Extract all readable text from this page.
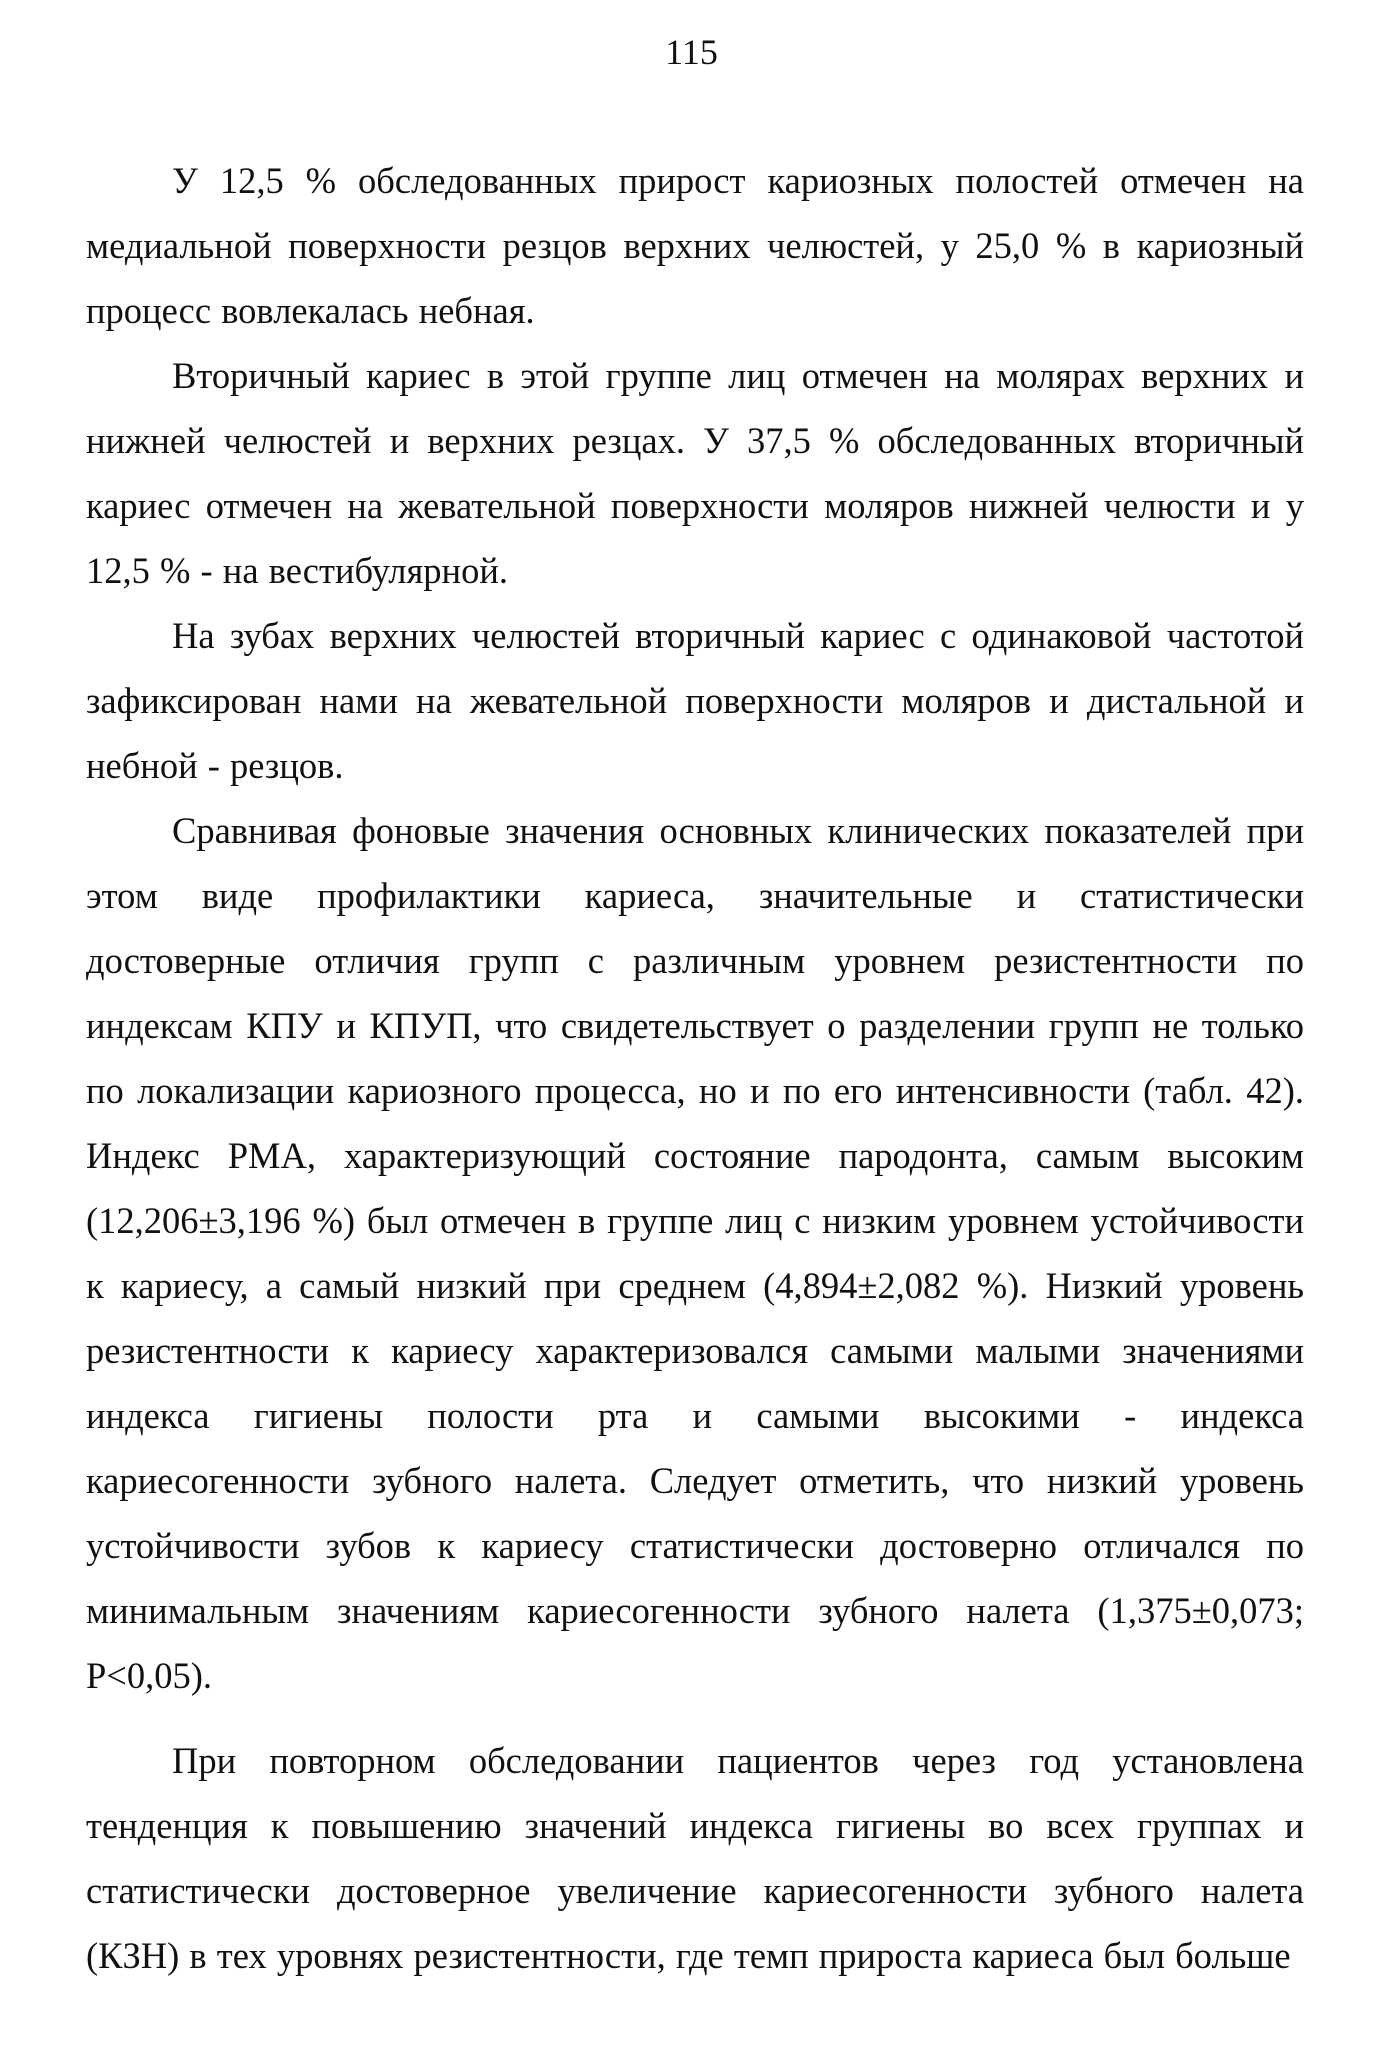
115

У 12,5 % обследованных прирост кариозных полостей отмечен на медиальной поверхности резцов верхних челюстей, у 25,0 % в кариозный процесс вовлекалась небная.

Вторичный кариес в этой группе лиц отмечен на молярах верхних и нижней челюстей и верхних резцах. У 37,5 % обследованных вторичный кариес отмечен на жевательной поверхности моляров нижней челюсти и у 12,5 % - на вестибулярной.

На зубах верхних челюстей вторичный кариес с одинаковой частотой зафиксирован нами на жевательной поверхности моляров и дистальной и небной - резцов.

Сравнивая фоновые значения основных клинических показателей при этом виде профилактики кариеса, значительные и статистически достоверные отличия групп с различным уровнем резистентности по индексам КПУ и КПУП, что свидетельствует о разделении групп не только по локализации кариозного процесса, но и по его интенсивности (табл. 42). Индекс РМА, характеризующий состояние пародонта, самым высоким (12,206±3,196 %) был отмечен в группе лиц с низким уровнем устойчивости к кариесу, а самый низкий при среднем (4,894±2,082 %). Низкий уровень резистентности к кариесу характеризовался самыми малыми значениями индекса гигиены полости рта и самыми высокими - индекса кариесогенности зубного налета. Следует отметить, что низкий уровень устойчивости зубов к кариесу статистически достоверно отличался по минимальным значениям кариесогенности зубного налета (1,375±0,073; Р<0,05).

При повторном обследовании пациентов через год установлена тенденция к повышению значений индекса гигиены во всех группах и статистически достоверное увеличение кариесогенности зубного налета (КЗН) в тех уровнях резистентности, где темп прироста кариеса был больше
